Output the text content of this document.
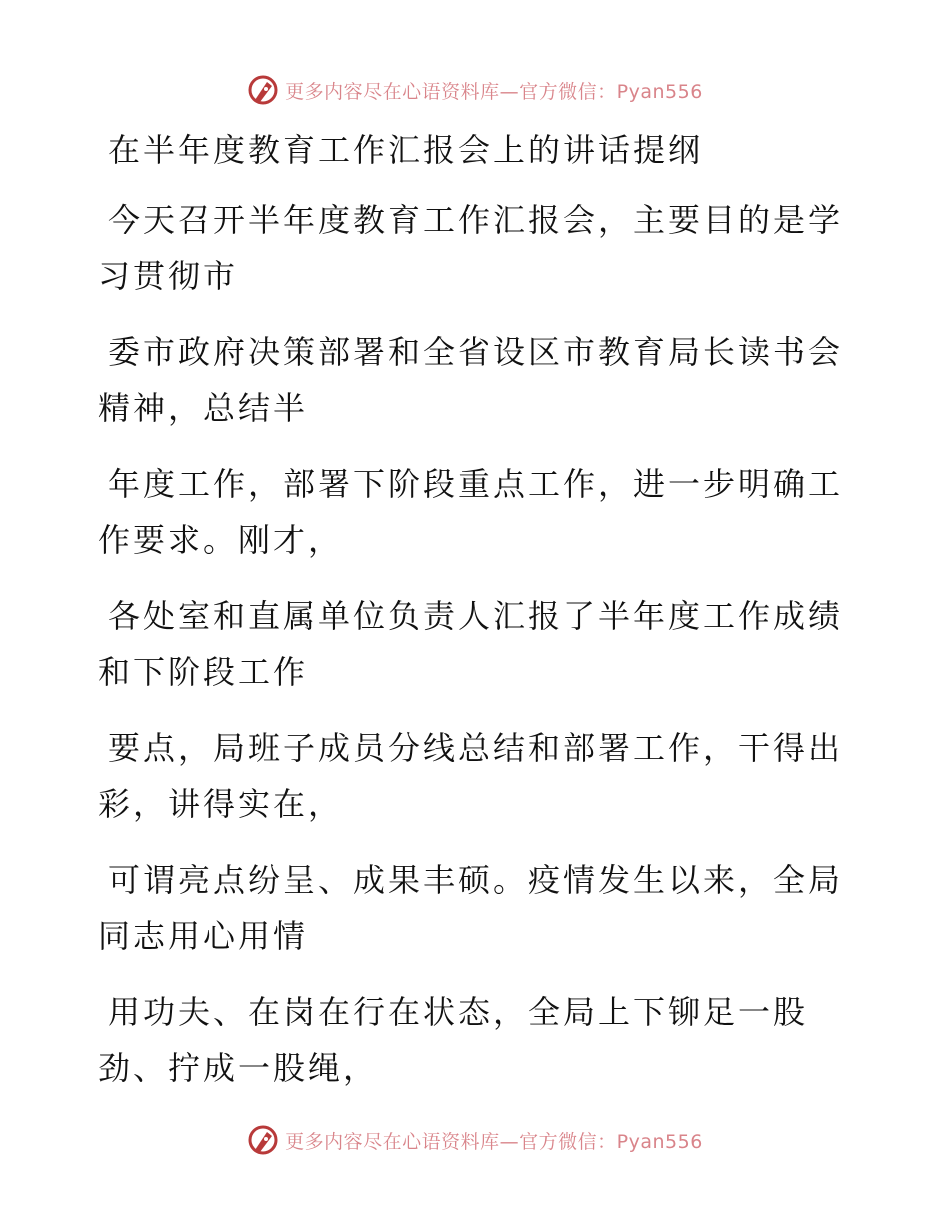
更多内容尽在心语资料库—官方微信：Pyan556

在半年度教育工作汇报会上的讲话提纲

今天召开半年度教育工作汇报会，主要目的是学

习贯彻市

委市政府决策部署和全省设区市教育局长读书会

精神，总结半

年度工作，部署下阶段重点工作，进一步明确工

作要求。刚才，

各处室和直属单位负责人汇报了半年度工作成绩

和下阶段工作

要点，局班子成员分线总结和部署工作，干得出

彩，讲得实在，

可谓亮点纷呈、成果丰硕。疫情发生以来，全局

同志用心用情

用功夫、在岗在行在状态，全局上下铆足一股

劲、拧成一股绳，

更多内容尽在心语资料库—官方微信：Pyan556
